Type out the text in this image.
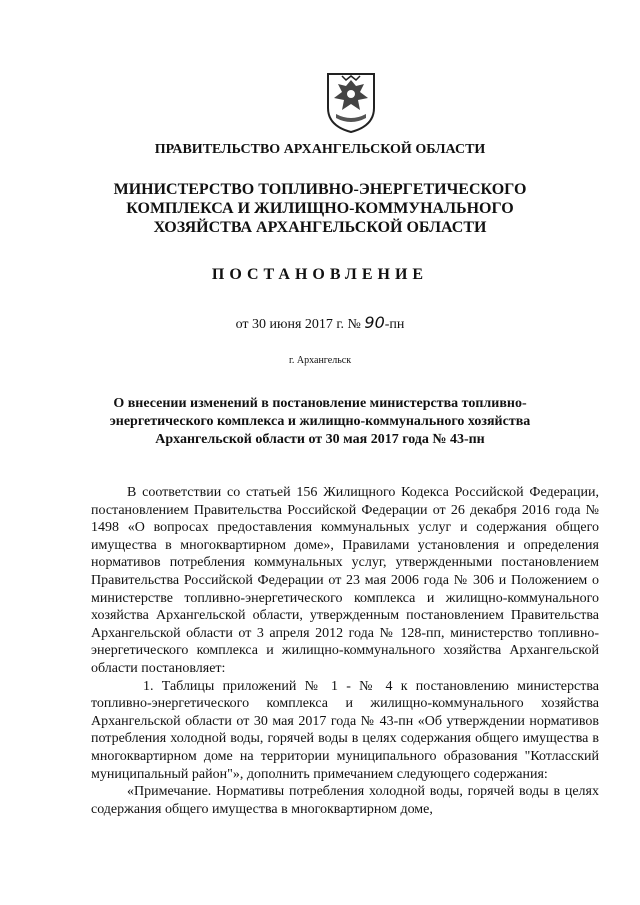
ПРАВИТЕЛЬСТВО АРХАНГЕЛЬСКОЙ ОБЛАСТИ

МИНИСТЕРСТВО ТОПЛИВНО-ЭНЕРГЕТИЧЕСКОГО
КОМПЛЕКСА И ЖИЛИЩНО-КОММУНАЛЬНОГО
ХОЗЯЙСТВА АРХАНГЕЛЬСКОЙ ОБЛАСТИ

ПОСТАНОВЛЕНИЕ

от 30 июня 2017 г. № 90-пн

г. Архангельск

О внесении изменений в постановление министерства топливно-
энергетического комплекса и жилищно-коммунального хозяйства
Архангельской области от 30 мая 2017 года № 43-пн

В соответствии со статьей 156 Жилищного Кодекса Российской Федерации, постановлением Правительства Российской Федерации от 26 декабря 2016 года № 1498 «О вопросах предоставления коммунальных услуг и содержания общего имущества в многоквартирном доме», Правилами установления и определения нормативов потребления коммунальных услуг, утвержденными постановлением Правительства Российской Федерации от 23 мая 2006 года № 306 и Положением о министерстве топливно-энергетического комплекса и жилищно-коммунального хозяйства Архангельской области, утвержденным постановлением Правительства Архангельской области от 3 апреля 2012 года № 128-пп, министерство топливно-энергетического комплекса и жилищно-коммунального хозяйства Архангельской области постановляет:

1. Таблицы приложений № 1 - № 4 к постановлению министерства топливно-энергетического комплекса и жилищно-коммунального хозяйства Архангельской области от 30 мая 2017 года № 43-пн «Об утверждении нормативов потребления холодной воды, горячей воды в целях содержания общего имущества в многоквартирном доме на территории муниципального образования "Котласский муниципальный район"», дополнить примечанием следующего содержания:

«Примечание. Нормативы потребления холодной воды, горячей воды в целях содержания общего имущества в многоквартирном доме,
